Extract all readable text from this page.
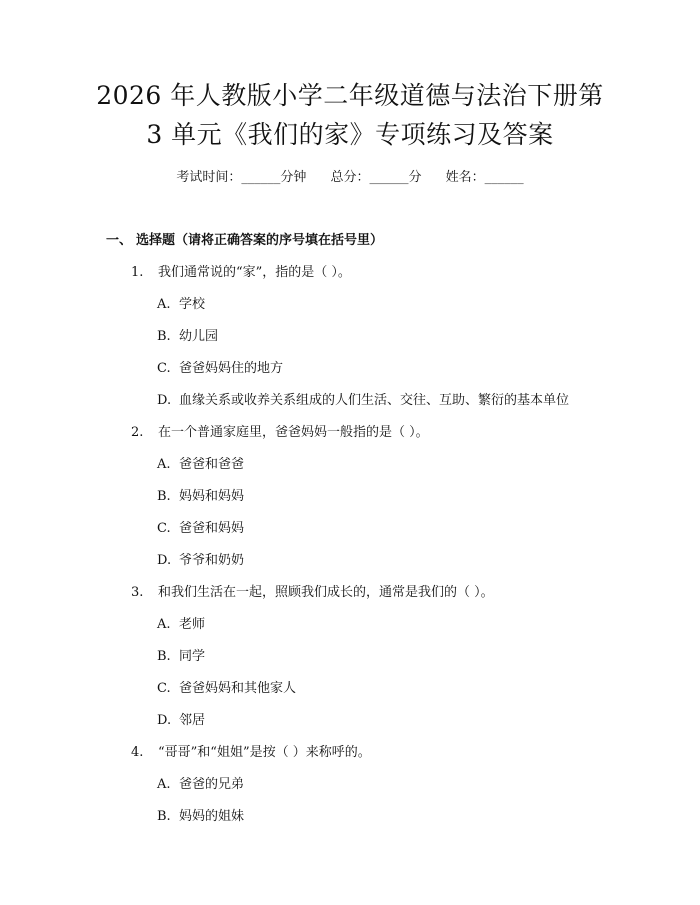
2026 年人教版小学二年级道德与法治下册第
3 单元《我们的家》专项练习及答案
考试时间：______分钟 总分：______分 姓名：______
一、 选择题（请将正确答案的序号填在括号里）
1. 我们通常说的“家”，指的是（ ）。
A. 学校
B. 幼儿园
C. 爸爸妈妈住的地方
D. 血缘关系或收养关系组成的人们生活、交往、互助、繁衍的基本单位
2. 在一个普通家庭里，爸爸妈妈一般指的是（ ）。
A. 爸爸和爸爸
B. 妈妈和妈妈
C. 爸爸和妈妈
D. 爷爷和奶奶
3. 和我们生活在一起，照顾我们成长的，通常是我们的（ ）。
A. 老师
B. 同学
C. 爸爸妈妈和其他家人
D. 邻居
4. “哥哥”和“姐姐”是按（ ）来称呼的。
A. 爸爸的兄弟
B. 妈妈的姐妹
